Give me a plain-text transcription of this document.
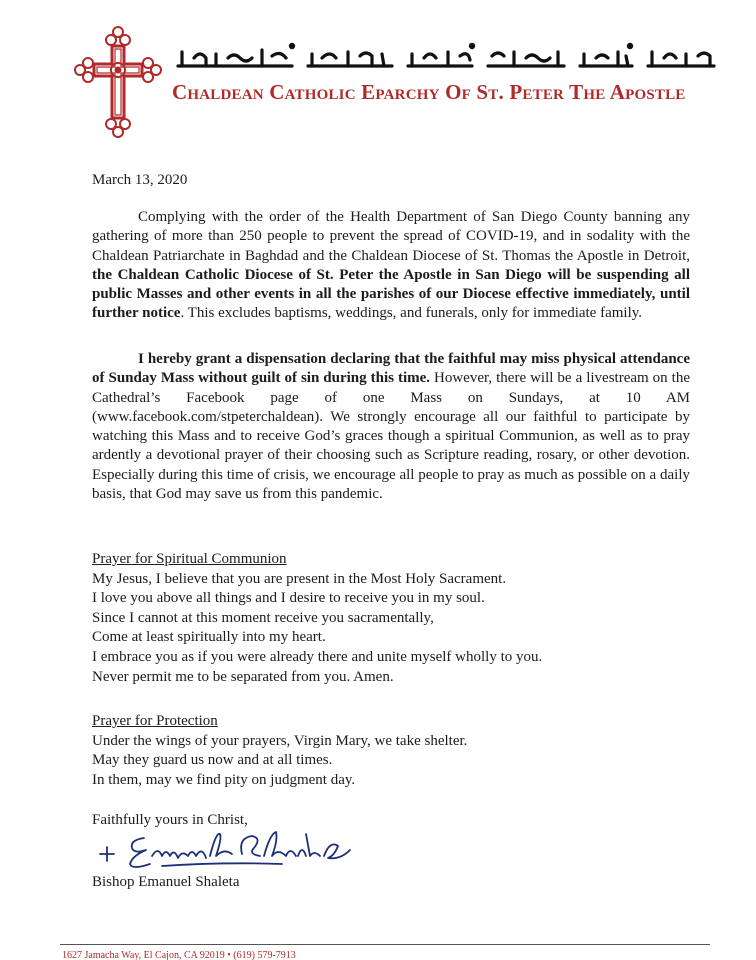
Chaldean Catholic Eparchy Of St. Peter The Apostle
March 13, 2020
Complying with the order of the Health Department of San Diego County banning any gathering of more than 250 people to prevent the spread of COVID-19, and in sodality with the Chaldean Patriarchate in Baghdad and the Chaldean Diocese of St. Thomas the Apostle in Detroit, the Chaldean Catholic Diocese of St. Peter the Apostle in San Diego will be suspending all public Masses and other events in all the parishes of our Diocese effective immediately, until further notice. This excludes baptisms, weddings, and funerals, only for immediate family.
I hereby grant a dispensation declaring that the faithful may miss physical attendance of Sunday Mass without guilt of sin during this time. However, there will be a livestream on the Cathedral’s Facebook page of one Mass on Sundays, at 10 AM (www.facebook.com/stpeterchaldean). We strongly encourage all our faithful to participate by watching this Mass and to receive God’s graces though a spiritual Communion, as well as to pray ardently a devotional prayer of their choosing such as Scripture reading, rosary, or other devotion. Especially during this time of crisis, we encourage all people to pray as much as possible on a daily basis, that God may save us from this pandemic.
Prayer for Spiritual Communion
My Jesus, I believe that you are present in the Most Holy Sacrament.
I love you above all things and I desire to receive you in my soul.
Since I cannot at this moment receive you sacramentally,
Come at least spiritually into my heart.
I embrace you as if you were already there and unite myself wholly to you.
Never permit me to be separated from you. Amen.
Prayer for Protection
Under the wings of your prayers, Virgin Mary, we take shelter.
May they guard us now and at all times.
In them, may we find pity on judgment day.
Faithfully yours in Christ,
Bishop Emanuel Shaleta
1627 Jamacha Way, El Cajon, CA 92019 • (619) 579-7913
